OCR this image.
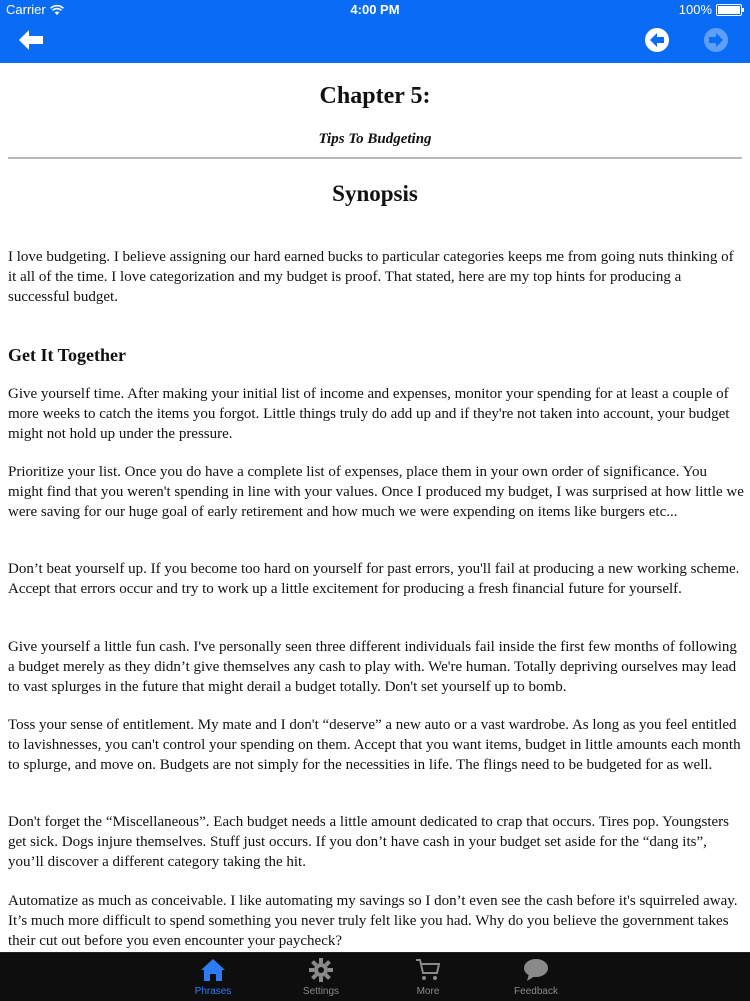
Carrier	4:00 PM	100%
Chapter 5:
Tips To Budgeting
Synopsis

I love budgeting. I believe assigning our hard earned bucks to particular categories keeps me from going nuts thinking of it all of the time. I love categorization and my budget is proof. That stated, here are my top hints for producing a successful budget.

Get It Together

Give yourself time. After making your initial list of income and expenses, monitor your spending for at least a couple of more weeks to catch the items you forgot. Little things truly do add up and if they're not taken into account, your budget might not hold up under the pressure.

Prioritize your list. Once you do have a complete list of expenses, place them in your own order of significance. You might find that you weren't spending in line with your values. Once I produced my budget, I was surprised at how little we were saving for our huge goal of early retirement and how much we were expending on items like burgers etc...

Don’t beat yourself up. If you become too hard on yourself for past errors, you'll fail at producing a new working scheme. Accept that errors occur and try to work up a little excitement for producing a fresh financial future for yourself.

Give yourself a little fun cash. I've personally seen three different individuals fail inside the first few months of following a budget merely as they didn’t give themselves any cash to play with. We're human. Totally depriving ourselves may lead to vast splurges in the future that might derail a budget totally. Don't set yourself up to bomb.

Toss your sense of entitlement. My mate and I don't “deserve” a new auto or a vast wardrobe. As long as you feel entitled to lavishnesses, you can't control your spending on them. Accept that you want items, budget in little amounts each month to splurge, and move on. Budgets are not simply for the necessities in life. The flings need to be budgeted for as well.

Don't forget the “Miscellaneous”. Each budget needs a little amount dedicated to crap that occurs. Tires pop. Youngsters get sick. Dogs injure themselves. Stuff just occurs. If you don’t have cash in your budget set aside for the “dang its”, you’ll discover a different category taking the hit.

Automatize as much as conceivable. I like automating my savings so I don’t even see the cash before it's squirreled away. It’s much more difficult to spend something you never truly felt like you had. Why do you believe the government takes their cut out before you even encounter your paycheck?

Phrases	Settings	More	Feedback
